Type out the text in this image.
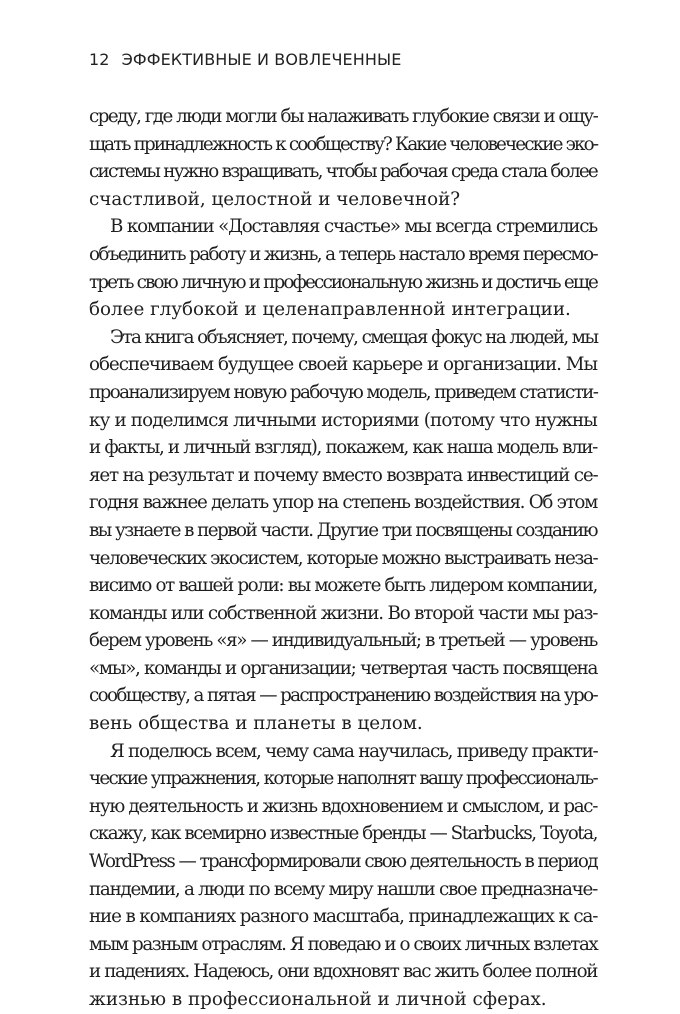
12 ЭФФЕКТИВНЫЕ И ВОВЛЕЧЕННЫЕ
среду, где люди могли бы налаживать глубокие связи и ощу-
щать принадлежность к сообществу? Какие человеческие эко-
системы нужно взращивать, чтобы рабочая среда стала более
счастливой, целостной и человечной?
В компании «Доставляя счастье» мы всегда стремились
объединить работу и жизнь, а теперь настало время пересмо-
треть свою личную и профессиональную жизнь и достичь еще
более глубокой и целенаправленной интеграции.
Эта книга объясняет, почему, смещая фокус на людей, мы
обеспечиваем будущее своей карьере и организации. Мы
проанализируем новую рабочую модель, приведем статисти-
ку и поделимся личными историями (потому что нужны
и факты, и личный взгляд), покажем, как наша модель вли-
яет на результат и почему вместо возврата инвестиций се-
годня важнее делать упор на степень воздействия. Об этом
вы узнаете в первой части. Другие три посвящены созданию
человеческих экосистем, которые можно выстраивать неза-
висимо от вашей роли: вы можете быть лидером компании,
команды или собственной жизни. Во второй части мы раз-
берем уровень «я» — индивидуальный; в третьей — уровень
«мы», команды и организации; четвертая часть посвящена
сообществу, а пятая — распространению воздействия на уро-
вень общества и планеты в целом.
Я поделюсь всем, чему сама научилась, приведу практи-
ческие упражнения, которые наполнят вашу профессиональ-
ную деятельность и жизнь вдохновением и смыслом, и рас-
скажу, как всемирно известные бренды — Starbucks, Toyota,
WordPress — трансформировали свою деятельность в период
пандемии, а люди по всему миру нашли свое предназначе-
ние в компаниях разного масштаба, принадлежащих к са-
мым разным отраслям. Я поведаю и о своих личных взлетах
и падениях. Надеюсь, они вдохновят вас жить более полной
жизнью в профессиональной и личной сферах.
